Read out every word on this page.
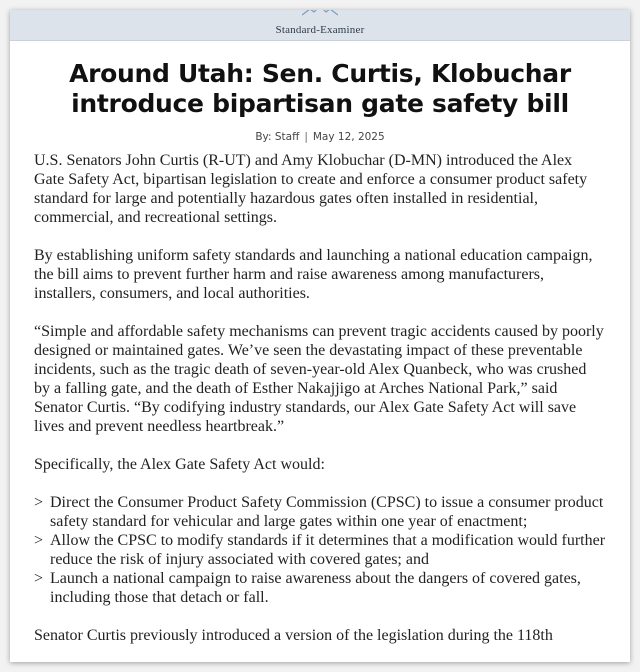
$_{Standard-Examiner}$
Around Utah: Sen. Curtis, Klobuchar
introduce bipartisan gate safety bill
By: Staff | May 12, 2025

U.S. Senators John Curtis (R-UT) and Amy Klobuchar (D-MN) introduced the Alex Gate Safety Act, bipartisan legislation to create and enforce a consumer product safety standard for large and potentially hazardous gates often installed in residential, commercial, and recreational settings.

By establishing uniform safety standards and launching a national education campaign, the bill aims to prevent further harm and raise awareness among manufacturers, installers, consumers, and local authorities.

“Simple and affordable safety mechanisms can prevent tragic accidents caused by poorly designed or maintained gates. We’ve seen the devastating impact of these preventable incidents, such as the tragic death of seven-year-old Alex Quanbeck, who was crushed by a falling gate, and the death of Esther Nakajjigo at Arches National Park,” said Senator Curtis. “By codifying industry standards, our Alex Gate Safety Act will save lives and prevent needless heartbreak.”

Specifically, the Alex Gate Safety Act would:

> Direct the Consumer Product Safety Commission (CPSC) to issue a consumer product safety standard for vehicular and large gates within one year of enactment;
> Allow the CPSC to modify standards if it determines that a modification would further reduce the risk of injury associated with covered gates; and
> Launch a national campaign to raise awareness about the dangers of covered gates, including those that detach or fall.

Senator Curtis previously introduced a version of the legislation during the 118th
